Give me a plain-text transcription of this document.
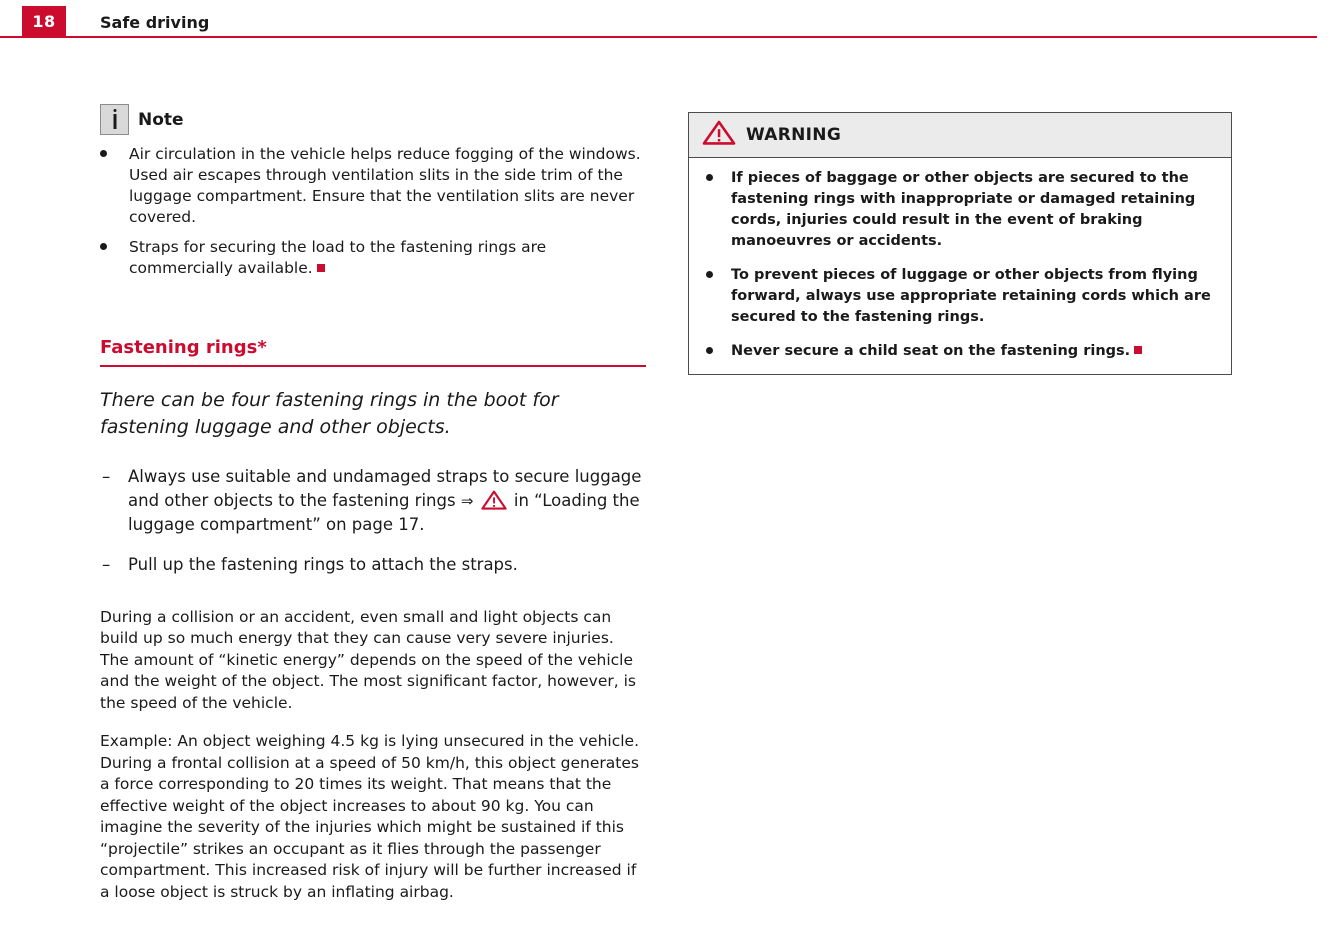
18	Safe driving
Note
Air circulation in the vehicle helps reduce fogging of the windows. Used air escapes through ventilation slits in the side trim of the luggage compartment. Ensure that the ventilation slits are never covered.
Straps for securing the load to the fastening rings are commercially available.
Fastening rings*
There can be four fastening rings in the boot for fastening luggage and other objects.
– Always use suitable and undamaged straps to secure luggage and other objects to the fastening rings ⇒ in “Loading the luggage compartment” on page 17.
– Pull up the fastening rings to attach the straps.
During a collision or an accident, even small and light objects can build up so much energy that they can cause very severe injuries. The amount of “kinetic energy” depends on the speed of the vehicle and the weight of the object. The most significant factor, however, is the speed of the vehicle.
Example: An object weighing 4.5 kg is lying unsecured in the vehicle. During a frontal collision at a speed of 50 km/h, this object generates a force corresponding to 20 times its weight. That means that the effective weight of the object increases to about 90 kg. You can imagine the severity of the injuries which might be sustained if this “projectile” strikes an occupant as it flies through the passenger compartment. This increased risk of injury will be further increased if a loose object is struck by an inflating airbag.
WARNING
If pieces of baggage or other objects are secured to the fastening rings with inappropriate or damaged retaining cords, injuries could result in the event of braking manoeuvres or accidents.
To prevent pieces of luggage or other objects from flying forward, always use appropriate retaining cords which are secured to the fastening rings.
Never secure a child seat on the fastening rings.
